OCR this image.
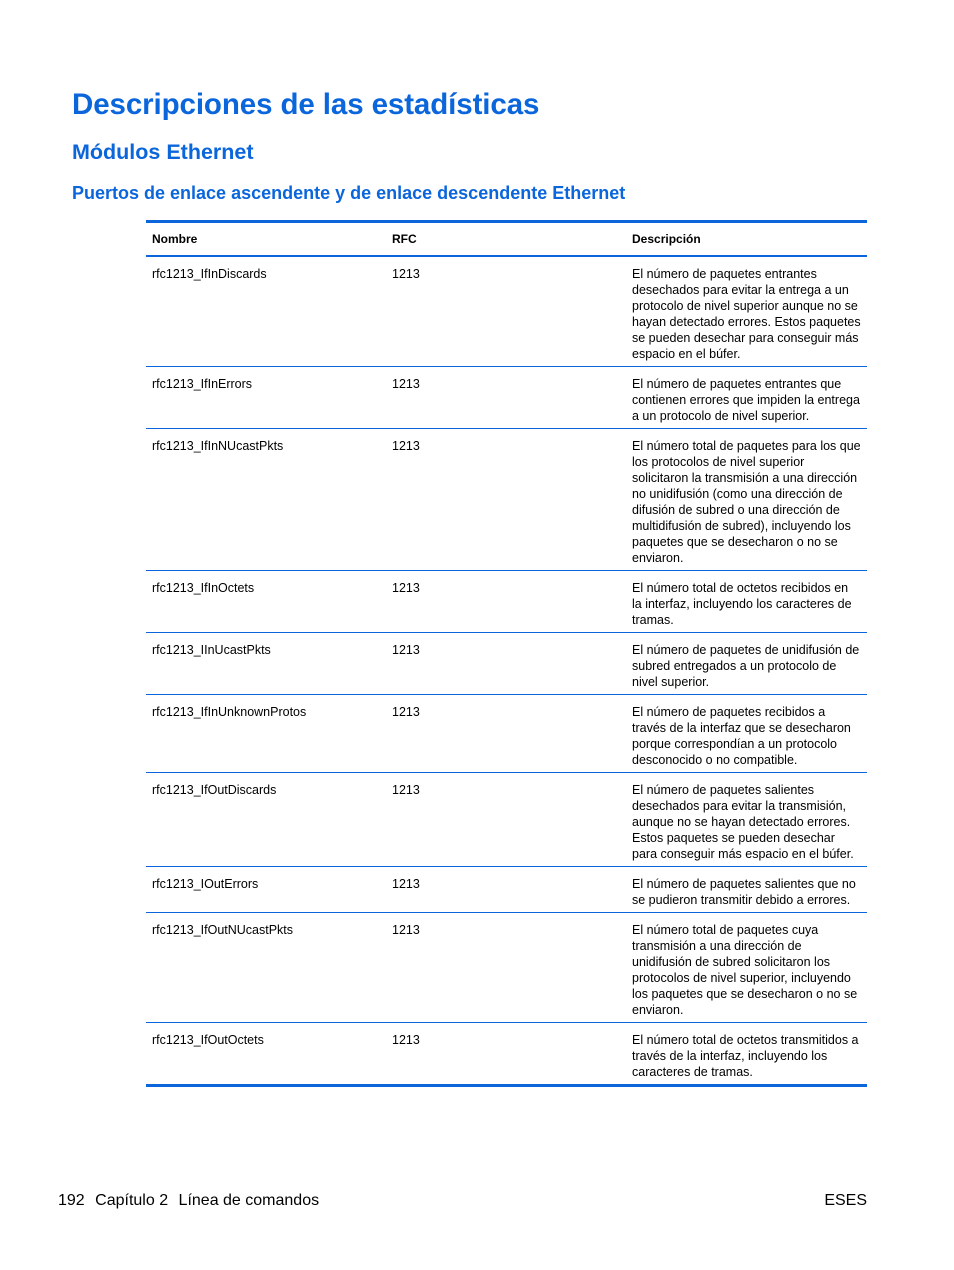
Descripciones de las estadísticas
Módulos Ethernet
Puertos de enlace ascendente y de enlace descendente Ethernet
Nombre	RFC	Descripción
rfc1213_IfInDiscards	1213	El número de paquetes entrantes desechados para evitar la entrega a un protocolo de nivel superior aunque no se hayan detectado errores. Estos paquetes se pueden desechar para conseguir más espacio en el búfer.
rfc1213_IfInErrors	1213	El número de paquetes entrantes que contienen errores que impiden la entrega a un protocolo de nivel superior.
rfc1213_IfInNUcastPkts	1213	El número total de paquetes para los que los protocolos de nivel superior solicitaron la transmisión a una dirección no unidifusión (como una dirección de difusión de subred o una dirección de multidifusión de subred), incluyendo los paquetes que se desecharon o no se enviaron.
rfc1213_IfInOctets	1213	El número total de octetos recibidos en la interfaz, incluyendo los caracteres de tramas.
rfc1213_IInUcastPkts	1213	El número de paquetes de unidifusión de subred entregados a un protocolo de nivel superior.
rfc1213_IfInUnknownProtos	1213	El número de paquetes recibidos a través de la interfaz que se desecharon porque correspondían a un protocolo desconocido o no compatible.
rfc1213_IfOutDiscards	1213	El número de paquetes salientes desechados para evitar la transmisión, aunque no se hayan detectado errores. Estos paquetes se pueden desechar para conseguir más espacio en el búfer.
rfc1213_IOutErrors	1213	El número de paquetes salientes que no se pudieron transmitir debido a errores.
rfc1213_IfOutNUcastPkts	1213	El número total de paquetes cuya transmisión a una dirección de unidifusión de subred solicitaron los protocolos de nivel superior, incluyendo los paquetes que se desecharon o no se enviaron.
rfc1213_IfOutOctets	1213	El número total de octetos transmitidos a través de la interfaz, incluyendo los caracteres de tramas.
192 Capítulo 2 Línea de comandos	ESES
